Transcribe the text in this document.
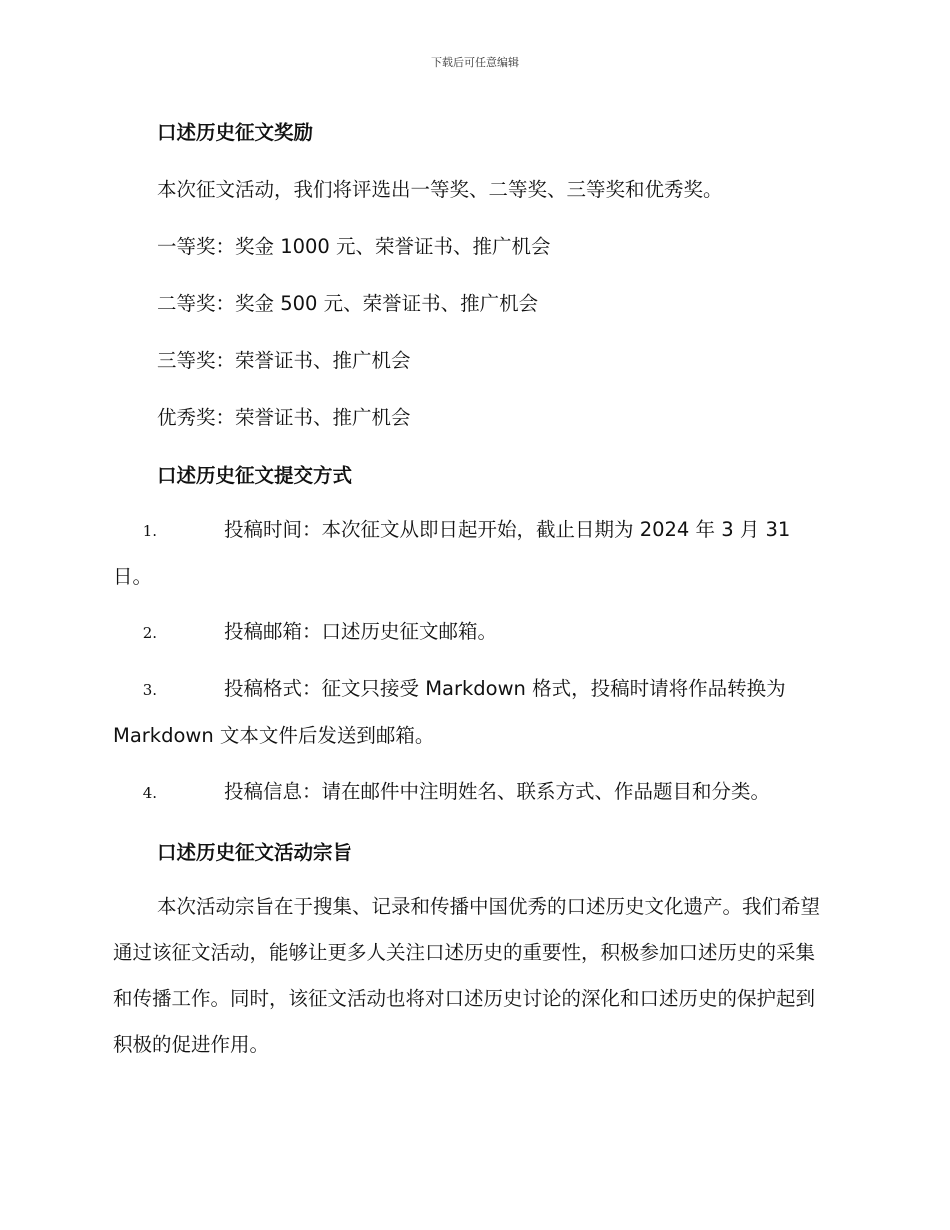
下载后可任意编辑
口述历史征文奖励
本次征文活动，我们将评选出一等奖、二等奖、三等奖和优秀奖。
一等奖：奖金 1000 元、荣誉证书、推广机会
二等奖：奖金 500 元、荣誉证书、推广机会
三等奖：荣誉证书、推广机会
优秀奖：荣誉证书、推广机会
口述历史征文提交方式
1.	投稿时间：本次征文从即日起开始，截止日期为 2024 年 3 月 31 日。
2.	投稿邮箱：口述历史征文邮箱。
3.	投稿格式：征文只接受 Markdown 格式，投稿时请将作品转换为 Markdown 文本文件后发送到邮箱。
4.	投稿信息：请在邮件中注明姓名、联系方式、作品题目和分类。
口述历史征文活动宗旨
本次活动宗旨在于搜集、记录和传播中国优秀的口述历史文化遗产。我们希望通过该征文活动，能够让更多人关注口述历史的重要性，积极参加口述历史的采集和传播工作。同时，该征文活动也将对口述历史讨论的深化和口述历史的保护起到积极的促进作用。
